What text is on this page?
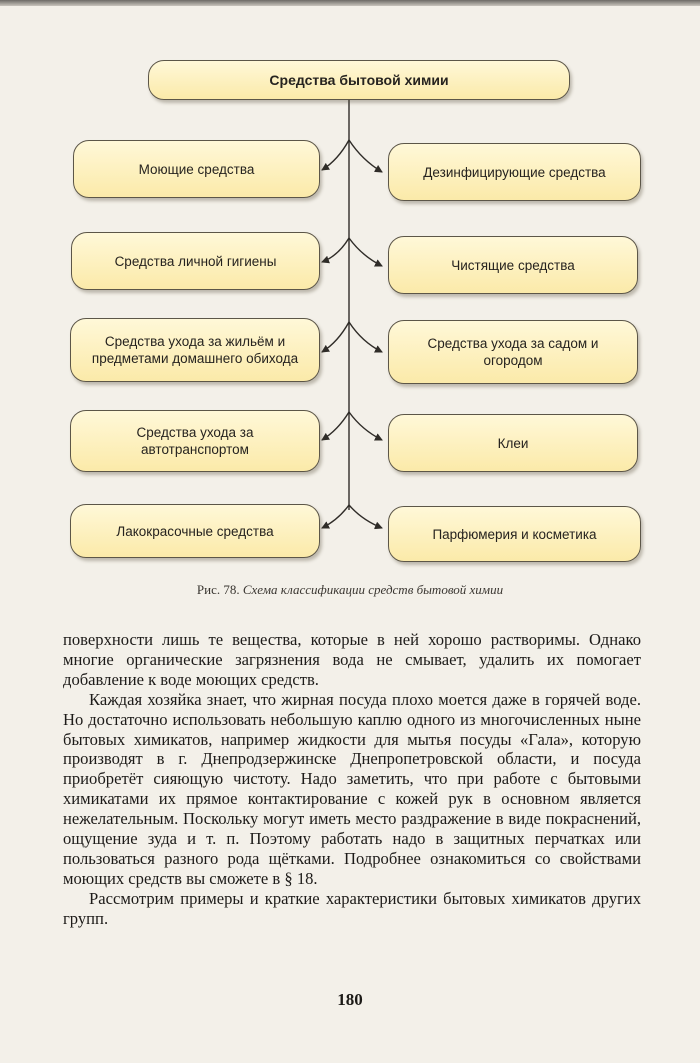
Средства бытовой химии
Моющие средства	Дезинфицирующие средства
Средства личной гигиены	Чистящие средства
Средства ухода за жильём и предметами домашнего обихода
Средства ухода за садом и огородом
Средства ухода за автотранспортом	Клеи
Лакокрасочные средства	Парфюмерия и косметика
Рис. 78. Схема классификации средств бытовой химии

поверхности лишь те вещества, которые в ней хорошо растворимы. Однако многие органические загрязнения вода не смывает, удалить их помогает добавление к воде моющих средств.

Каждая хозяйка знает, что жирная посуда плохо моется даже в горячей воде. Но достаточно использовать небольшую каплю одного из многочисленных ныне бытовых химикатов, например жидкости для мытья посуды «Гала», которую производят в г. Днепродзержинске Днепропетровской области, и посуда приобретёт сияющую чистоту. Надо заметить, что при работе с бытовыми химикатами их прямое контактирование с кожей рук в основном является нежелательным. Поскольку могут иметь место раздражение в виде покраснений, ощущение зуда и т. п. Поэтому работать надо в защитных перчатках или пользоваться разного рода щётками. Подробнее ознакомиться со свойствами моющих средств вы сможете в § 18.

Рассмотрим примеры и краткие характеристики бытовых химикатов других групп.

180
